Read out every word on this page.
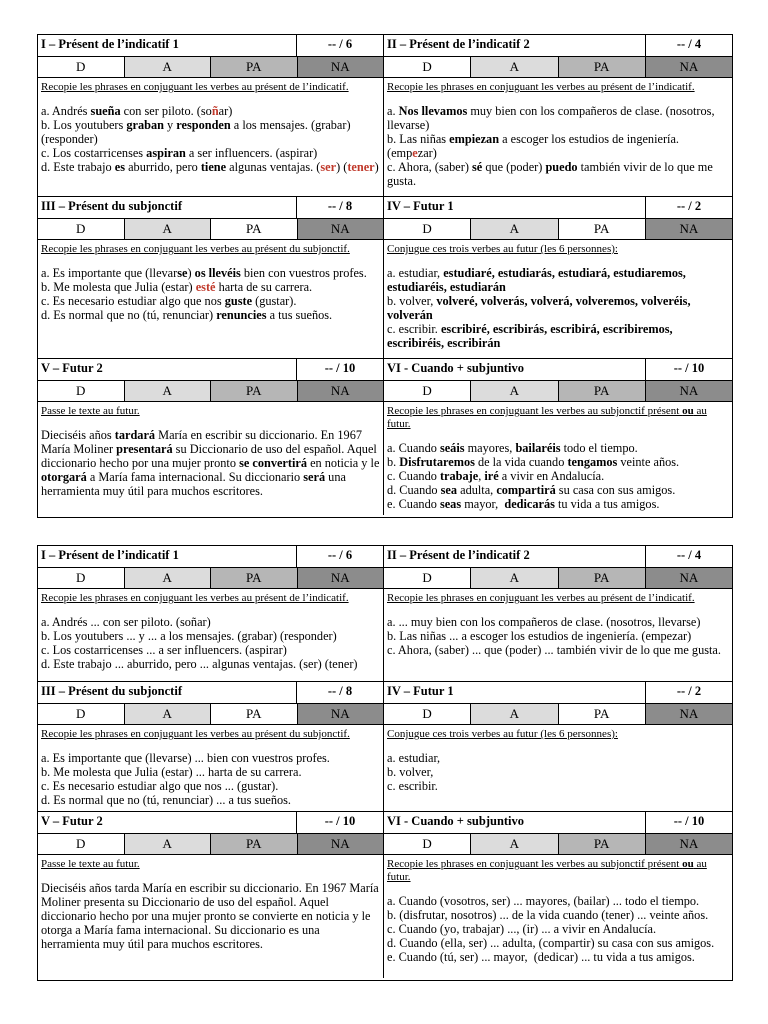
I – Présent de l’indicatif 1	-- / 6
D	A	PA	NA
Recopie les phrases en conjuguant les verbes au présent de l’indicatif.
a. Andrés sueña con ser piloto. (soñar)
b. Los youtubers graban y responden a los mensajes. (grabar) (responder)
c. Los costarricenses aspiran a ser influencers. (aspirar)
d. Este trabajo es aburrido, pero tiene algunas ventajas. (ser) (tener)
II – Présent de l’indicatif 2	-- / 4
D	A	PA	NA
Recopie les phrases en conjuguant les verbes au présent de l’indicatif.
a. Nos llevamos muy bien con los compañeros de clase. (nosotros, llevarse)
b. Las niñas empiezan a escoger los estudios de ingeniería. (empezar)
c. Ahora, (saber) sé que (poder) puedo también vivir de lo que me gusta.
III – Présent du subjonctif	-- / 8
D	A	PA	NA
Recopie les phrases en conjuguant les verbes au présent du subjonctif.
a. Es importante que (llevarse) os llevéis bien con vuestros profes.
b. Me molesta que Julia (estar) esté harta de su carrera.
c. Es necesario estudiar algo que nos guste (gustar).
d. Es normal que no (tú, renunciar) renuncies a tus sueños.
IV – Futur 1	-- / 2
D	A	PA	NA
Conjugue ces trois verbes au futur (les 6 personnes):
a. estudiar, estudiaré, estudiarás, estudiará, estudiaremos, estudiaréis, estudiarán
b. volver, volveré, volverás, volverá, volveremos, volveréis, volverán
c. escribir. escribiré, escribirás, escribirá, escribiremos, escribiréis, escribirán
V – Futur 2	-- / 10
D	A	PA	NA
Passe le texte au futur.
Dieciséis años tardará María en escribir su diccionario. En 1967 María Moliner presentará su Diccionario de uso del español. Aquel diccionario hecho por una mujer pronto se convertirá en noticia y le otorgará a María fama internacional. Su diccionario será una herramienta muy útil para muchos escritores.
VI - Cuando + subjuntivo	-- / 10
D	A	PA	NA
Recopie les phrases en conjuguant les verbes au subjonctif présent ou au futur.
a. Cuando seáis mayores, bailaréis todo el tiempo.
b. Disfrutaremos de la vida cuando tengamos veinte años.
c. Cuando trabaje, iré a vivir en Andalucía.
d. Cuando sea adulta, compartirá su casa con sus amigos.
e. Cuando seas mayor,  dedicarás tu vida a tus amigos.
I – Présent de l’indicatif 1	-- / 6
D	A	PA	NA
Recopie les phrases en conjuguant les verbes au présent de l’indicatif.
a. Andrés ... con ser piloto. (soñar)
b. Los youtubers ... y ... a los mensajes. (grabar) (responder)
c. Los costarricenses ... a ser influencers. (aspirar)
d. Este trabajo ... aburrido, pero ... algunas ventajas. (ser) (tener)
II – Présent de l’indicatif 2	-- / 4
D	A	PA	NA
Recopie les phrases en conjuguant les verbes au présent de l’indicatif.
a. ... muy bien con los compañeros de clase. (nosotros, llevarse)
b. Las niñas ... a escoger los estudios de ingeniería. (empezar)
c. Ahora, (saber) ... que (poder) ... también vivir de lo que me gusta.
III – Présent du subjonctif	-- / 8
D	A	PA	NA
Recopie les phrases en conjuguant les verbes au présent du subjonctif.
a. Es importante que (llevarse) ... bien con vuestros profes.
b. Me molesta que Julia (estar) ... harta de su carrera.
c. Es necesario estudiar algo que nos ... (gustar).
d. Es normal que no (tú, renunciar) ... a tus sueños.
IV – Futur 1	-- / 2
D	A	PA	NA
Conjugue ces trois verbes au futur (les 6 personnes):
a. estudiar,
b. volver,
c. escribir.
V – Futur 2	-- / 10
D	A	PA	NA
Passe le texte au futur.
Dieciséis años tarda María en escribir su diccionario. En 1967 María Moliner presenta su Diccionario de uso del español. Aquel diccionario hecho por una mujer pronto se convierte en noticia y le otorga a María fama internacional. Su diccionario es una herramienta muy útil para muchos escritores.
VI - Cuando + subjuntivo	-- / 10
D	A	PA	NA
Recopie les phrases en conjuguant les verbes au subjonctif présent ou au futur.
a. Cuando (vosotros, ser) ... mayores, (bailar) ... todo el tiempo.
b. (disfrutar, nosotros) ... de la vida cuando (tener) ... veinte años.
c. Cuando (yo, trabajar) ..., (ir) ... a vivir en Andalucía.
d. Cuando (ella, ser) ... adulta, (compartir) su casa con sus amigos.
e. Cuando (tú, ser) ... mayor,  (dedicar) ... tu vida a tus amigos.
